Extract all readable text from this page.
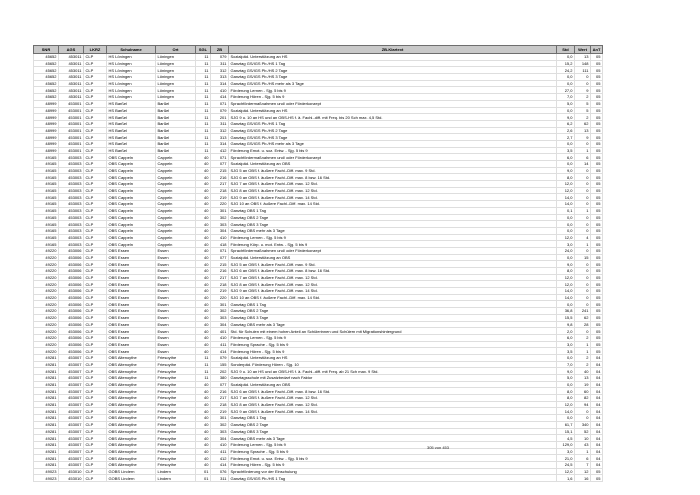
SNR	AGS	LKRZ	Schulname	Ort	SGL	ZB	ZB-Klartext	Std	Wert	AnT
45652	453011	CLP	HS Löningen	Löningen	11	079	Sozialpäd. Unterstützung an HS	0,0	13	05
45652	453011	CLP	HS Löningen	Löningen	11	311	Ganztag GS/IGS Pb./HS 1 Tag	15,2	148	05
45652	453011	CLP	HS Löningen	Löningen	11	312	Ganztag GS/IGS Pb./HS 2 Tage	24,2	111	05
45652	453011	CLP	HS Löningen	Löningen	11	313	Ganztag GS/IGS Pb./HS 3 Tage	0,0	0	05
45652	453011	CLP	HS Löningen	Löningen	11	314	Ganztag GS/IGS Pb./HS mehr als 3 Tage	0,0	0	05
45652	453011	CLP	HS Löningen	Löningen	11	410	Förderung Lernen - Sjg. 5 bis 9	27,0	9	05
45652	453011	CLP	HS Löningen	Löningen	11	414	Förderung Hören - Sjg. 5 bis 9	7,0	2	05
48999	453001	CLP	HS Barßel	Barßel	11	071	Sprachfördermaßnahmen und/ oder Förderkonzept	5,0	5	05
48999	453001	CLP	HS Barßel	Barßel	11	079	Sozialpäd. Unterstützung an HS	0,0	5	05
48999	453001	CLP	HS Barßel	Barßel	11	201	SJG 9 u. 10 an HS und an OBS-HS f. ä. Fachl.-diff. mit Freq. bis 20 Sch max. 4,5 Std.	9,0	2	05
48999	453001	CLP	HS Barßel	Barßel	11	311	Ganztag GS/IGS Pb./HS 1 Tag	6,2	62	05
48999	453001	CLP	HS Barßel	Barßel	11	312	Ganztag GS/IGS Pb./HS 2 Tage	2,6	13	05
48999	453001	CLP	HS Barßel	Barßel	11	313	Ganztag GS/IGS Pb./HS 3 Tage	2,7	9	05
48999	453001	CLP	HS Barßel	Barßel	11	314	Ganztag GS/IGS Pb./HS mehr als 3 Tage	0,0	0	05
48999	453001	CLP	HS Barßel	Barßel	11	412	Förderung Emot. u. soz. Entw. - Sjg. 5 bis 9	3,5	1	05
49165	453003	CLP	OBS Cappeln	Cappeln	40	071	Sprachfördermaßnahmen und/ oder Förderkonzept	6,0	6	05
49165	453003	CLP	OBS Cappeln	Cappeln	40	077	Sozialpäd. Unterstützung an OBS	0,0	14	05
49165	453003	CLP	OBS Cappeln	Cappeln	40	215	SJG 5 an OBS f. äußere Fachl.-Diff. max. 9 Std.	9,0	0	05
49165	453003	CLP	OBS Cappeln	Cappeln	40	216	SJG 6 an OBS f. äußere Fachl.-Diff. max. 8 bzw. 16 Std.	8,0	0	05
49165	453003	CLP	OBS Cappeln	Cappeln	40	217	SJG 7 an OBS f. äußere Fachl.-Diff. max. 12 Std.	12,0	0	05
49165	453003	CLP	OBS Cappeln	Cappeln	40	218	SJG 8 an OBS f. äußere Fachl.-Diff. max. 12 Std.	12,0	0	05
49165	453003	CLP	OBS Cappeln	Cappeln	40	219	SJG 9 an OBS f. äußere Fachl.-Diff. max. 14 Std.	14,0	0	05
49165	453003	CLP	OBS Cappeln	Cappeln	40	220	SJG 10 an OBS f. äußere Fachl.-Diff. max. 14 Std.	14,0	0	05
49165	453003	CLP	OBS Cappeln	Cappeln	40	301	Ganztag OBS 1 Tag	0,1	1	05
49165	453003	CLP	OBS Cappeln	Cappeln	40	302	Ganztag OBS 2 Tage	0,0	0	05
49165	453003	CLP	OBS Cappeln	Cappeln	40	303	Ganztag OBS 3 Tage	0,0	0	05
49165	453003	CLP	OBS Cappeln	Cappeln	40	304	Ganztag OBS mehr als 3 Tage	0,0	0	05
49165	453003	CLP	OBS Cappeln	Cappeln	40	410	Förderung Lernen - Sjg. 5 bis 9	12,0	4	05
49165	453003	CLP	OBS Cappeln	Cappeln	40	418	Förderung Körp. u. mot. Entw. - Sjg. 5 bis 9	3,0	1	05
49220	453006	CLP	OBS Essen	Essen	40	071	Sprachfördermaßnahmen und/ oder Förderkonzept	24,0	0	05
49220	453006	CLP	OBS Essen	Essen	40	077	Sozialpäd. Unterstützung an OBS	0,0	15	05
49220	453006	CLP	OBS Essen	Essen	40	215	SJG 5 an OBS f. äußere Fachl.-Diff. max. 9 Std.	9,0	0	05
49220	453006	CLP	OBS Essen	Essen	40	216	SJG 6 an OBS f. äußere Fachl.-Diff. max. 8 bzw. 16 Std.	8,0	0	05
49220	453006	CLP	OBS Essen	Essen	40	217	SJG 7 an OBS f. äußere Fachl.-Diff. max. 12 Std.	12,0	0	05
49220	453006	CLP	OBS Essen	Essen	40	218	SJG 8 an OBS f. äußere Fachl.-Diff. max. 12 Std.	12,0	0	05
49220	453006	CLP	OBS Essen	Essen	40	219	SJG 9 an OBS f. äußere Fachl.-Diff. max. 14 Std.	14,0	0	05
49220	453006	CLP	OBS Essen	Essen	40	220	SJG 10 an OBS f. äußere Fachl.-Diff. max. 14 Std.	14,0	0	05
49220	453006	CLP	OBS Essen	Essen	40	301	Ganztag OBS 1 Tag	0,0	0	05
49220	453006	CLP	OBS Essen	Essen	40	302	Ganztag OBS 2 Tage	36,8	241	05
49220	453006	CLP	OBS Essen	Essen	40	303	Ganztag OBS 3 Tage	15,5	62	05
49220	453006	CLP	OBS Essen	Essen	40	304	Ganztag OBS mehr als 3 Tage	9,8	28	05
49220	453006	CLP	OBS Essen	Essen	40	401	Std. für Schulen mit einem hohen Anteil an Schülerinnen und Schülern mit Migrationshintergrund	2,0	0	05
49220	453006	CLP	OBS Essen	Essen	40	410	Förderung Lernen - Sjg. 5 bis 9	6,0	2	05
49220	453006	CLP	OBS Essen	Essen	40	411	Förderung Sprache - Sjg. 5 bis 9	3,0	1	05
49220	453006	CLP	OBS Essen	Essen	40	414	Förderung Hören - Sjg. 5 bis 9	3,5	1	05
49281	453007	CLP	OBS Altenoythe	Friesoythe	11	079	Sozialpäd. Unterstützung an HS	0,0	2	04
49281	453007	CLP	OBS Altenoythe	Friesoythe	11	155	Sonderpäd. Förderung Hören - Sjg. 10	7,0	2	04
49281	453007	CLP	OBS Altenoythe	Friesoythe	11	202	SJG 9 u. 10 an HS und an OBS-HS f. ä. Fachl.-diff. mit Freq. ab 21 Sch max. 9 Std.	9,0	40	04
49281	453007	CLP	OBS Altenoythe	Friesoythe	11	380	Ganztagsschule mit Zusatzbedarf nach Faktor	5,0	13	04
49281	453007	CLP	OBS Altenoythe	Friesoythe	40	077	Sozialpäd. Unterstützung an OBS	0,0	19	04
49281	453007	CLP	OBS Altenoythe	Friesoythe	40	216	SJG 6 an OBS f. äußere Fachl.-Diff. max. 8 bzw. 16 Std.	8,0	60	04
49281	453007	CLP	OBS Altenoythe	Friesoythe	40	217	SJG 7 an OBS f. äußere Fachl.-Diff. max. 12 Std.	8,0	82	04
49281	453007	CLP	OBS Altenoythe	Friesoythe	40	218	SJG 8 an OBS f. äußere Fachl.-Diff. max. 12 Std.	12,0	94	04
49281	453007	CLP	OBS Altenoythe	Friesoythe	40	219	SJG 9 an OBS f. äußere Fachl.-Diff. max. 14 Std.	14,0	0	04
49281	453007	CLP	OBS Altenoythe	Friesoythe	40	301	Ganztag OBS 1 Tag	0,0	0	04
49281	453007	CLP	OBS Altenoythe	Friesoythe	40	302	Ganztag OBS 2 Tage	61,7	340	04
49281	453007	CLP	OBS Altenoythe	Friesoythe	40	303	Ganztag OBS 3 Tage	15,1	52	04
49281	453007	CLP	OBS Altenoythe	Friesoythe	40	304	Ganztag OBS mehr als 3 Tage	4,5	10	04
49281	453007	CLP	OBS Altenoythe	Friesoythe	40	410	Förderung Lernen - Sjg. 5 bis 9	129,0	43	04
49281	453007	CLP	OBS Altenoythe	Friesoythe	40	411	Förderung Sprache - Sjg. 5 bis 9	3,0	1	04
49281	453007	CLP	OBS Altenoythe	Friesoythe	40	412	Förderung Emot. u. soz. Entw. - Sjg. 5 bis 9	21,0	6	04
49281	453007	CLP	OBS Altenoythe	Friesoythe	40	414	Förderung Hören - Sjg. 5 bis 9	24,5	7	04
49023	453010	CLP	GOBS Lindern	Lindern	01	076	Sprachförderung vor der Einschulung	12,0	12	05
49023	453010	CLP	GOBS Lindern	Lindern	01	311	Ganztag GS/IGS Pb./HS 1 Tag	1,6	16	05
305 von 453
